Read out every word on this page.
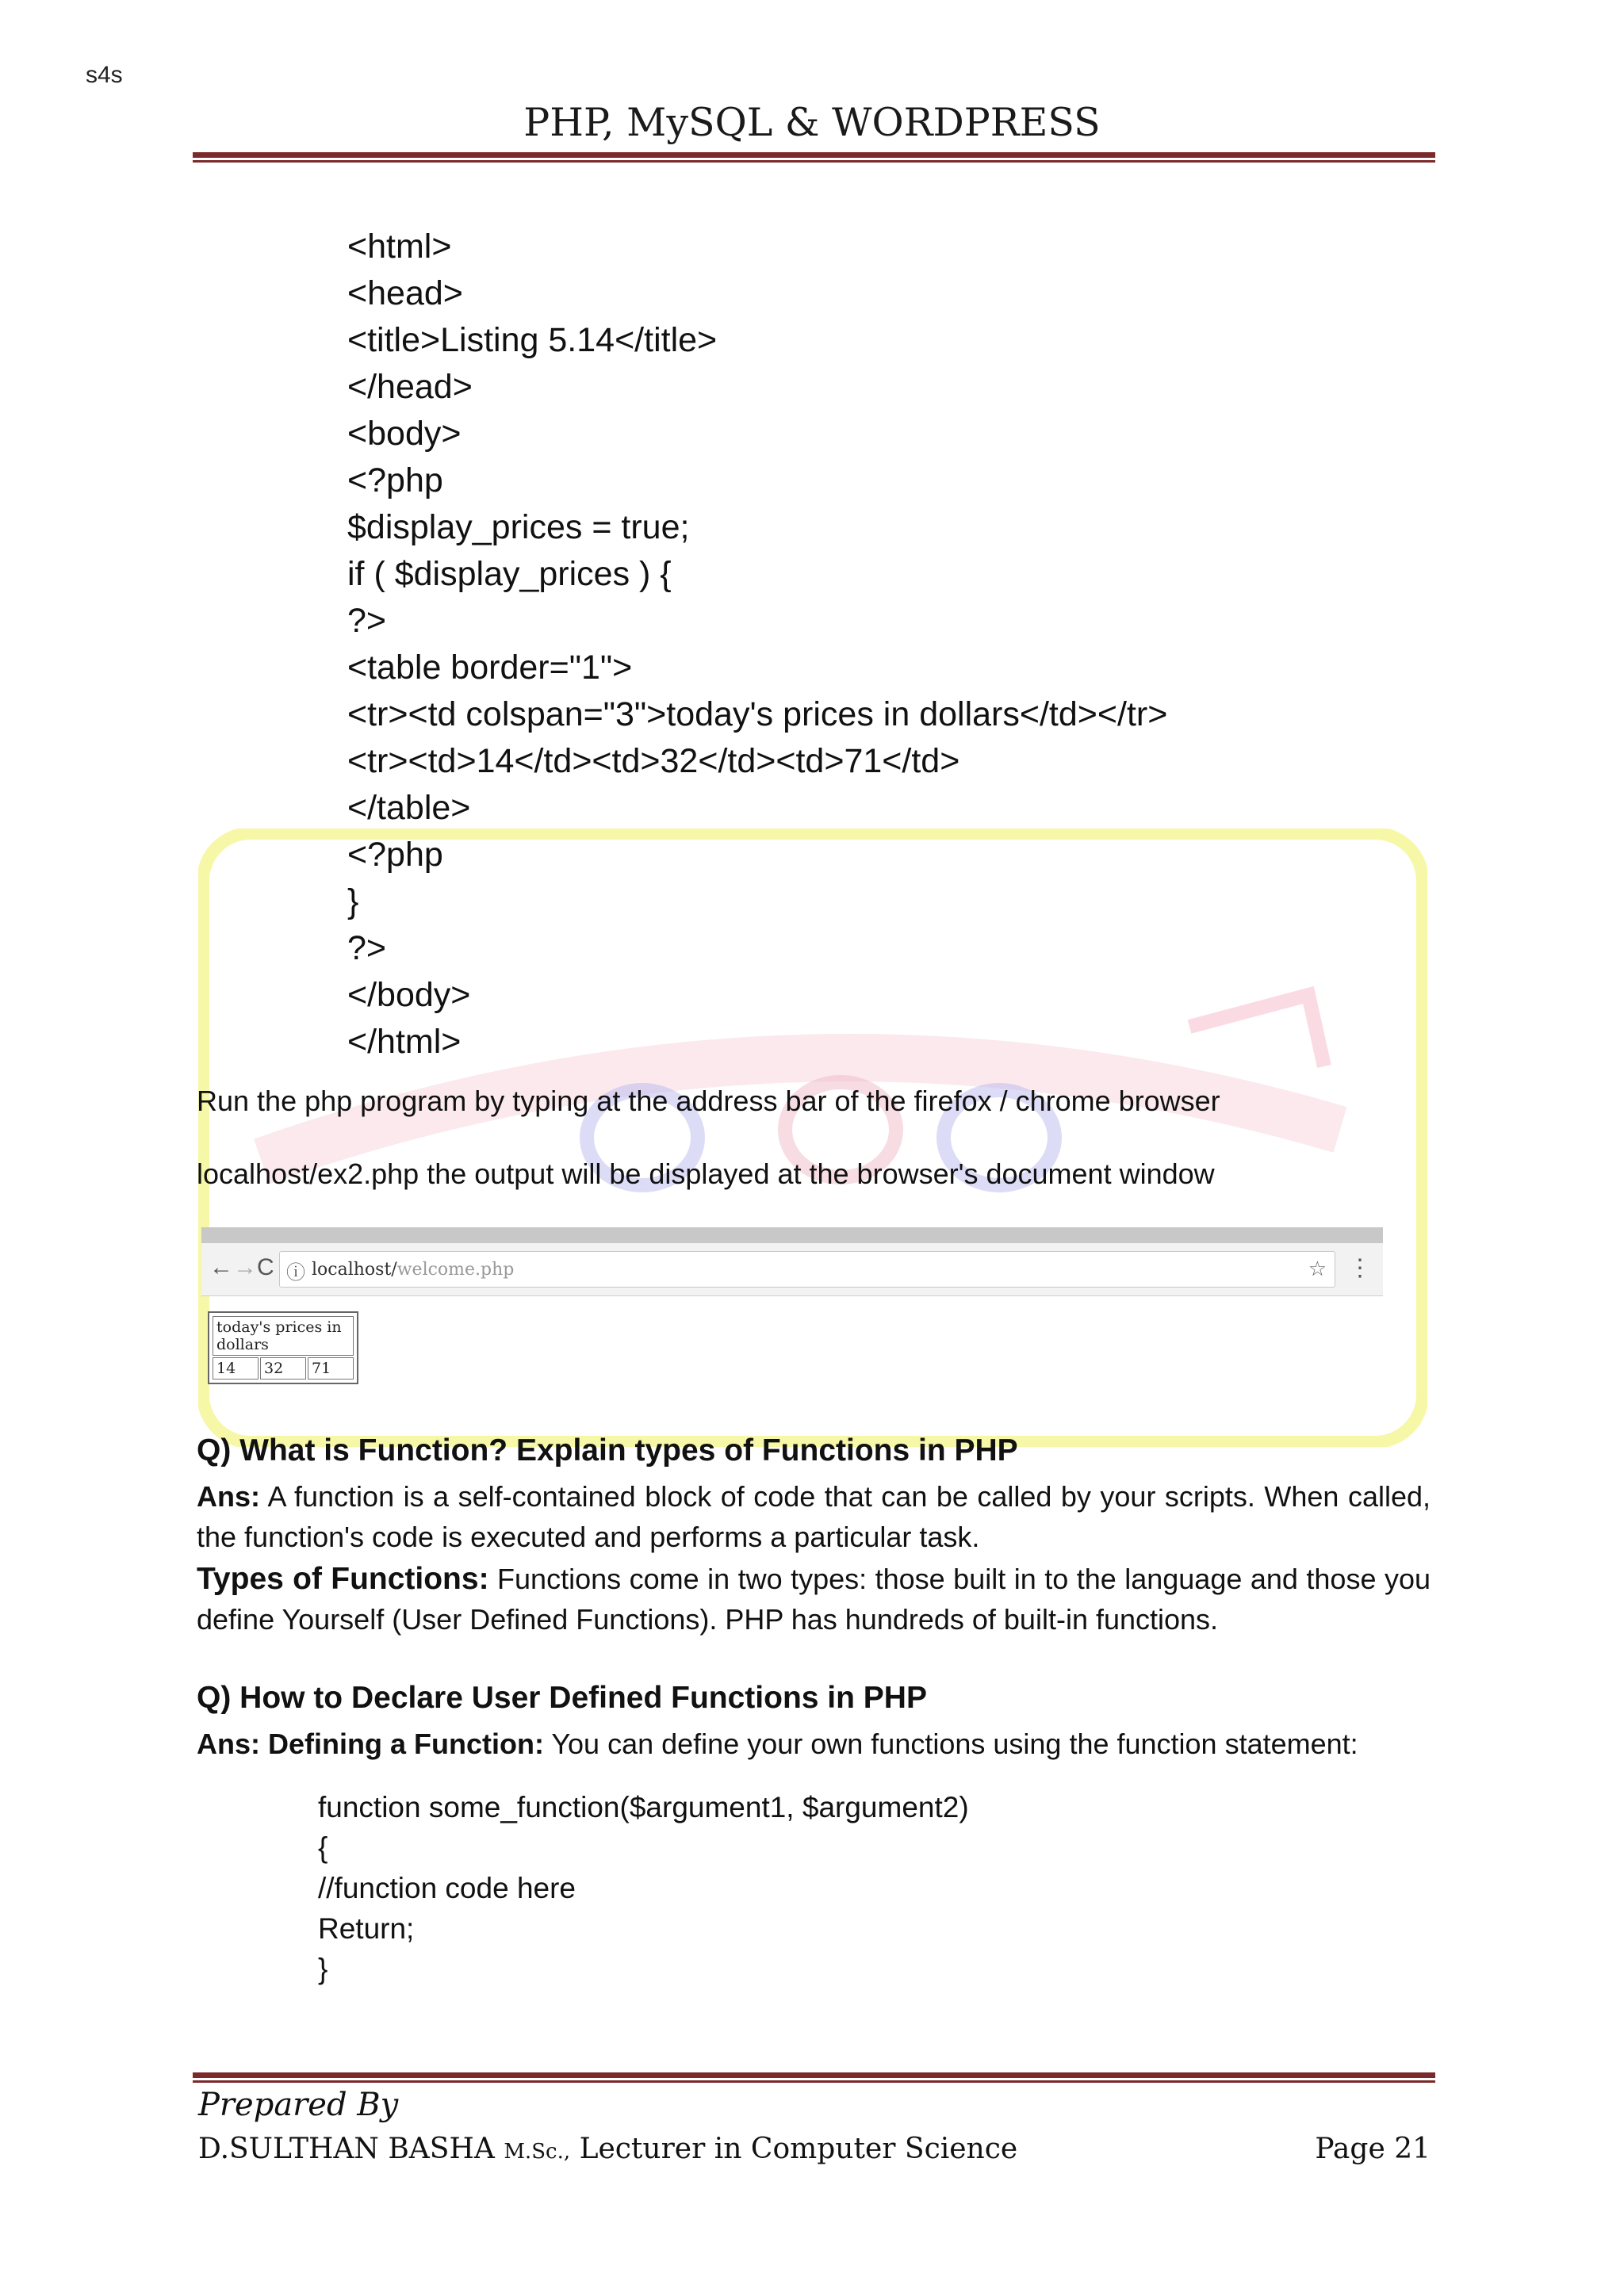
s4s
PHP, MySQL & WORDPRESS
<html>
<head>
<title>Listing 5.14</title>
</head>
<body>
<?php
$display_prices = true;
if ( $display_prices ) {
?>
<table border="1">
<tr><td colspan="3">today's prices in dollars</td></tr>
<tr><td>14</td><td>32</td><td>71</td>
</table>
<?php
}
?>
</body>
</html>
Run the php program by typing at the address bar of the firefox / chrome browser
localhost/ex2.php the output will be displayed at the browser's document window
← → C ⓘ localhost/welcome.php	☆ ⋮
today's prices in dollars
14	32	71
Q) What is Function? Explain types of Functions in PHP
Ans: A function is a self-contained block of code that can be called by your scripts. When called, the function's code is executed and performs a particular task.
Types of Functions: Functions come in two types: those built in to the language and those you define Yourself (User Defined Functions). PHP has hundreds of built-in functions.
Q) How to Declare User Defined Functions in PHP
Ans: Defining a Function: You can define your own functions using the function statement:
function some_function($argument1, $argument2)
{
//function code here
Return;
}
Prepared By
D.SULTHAN BASHA M.Sc., Lecturer in Computer Science	Page 21
